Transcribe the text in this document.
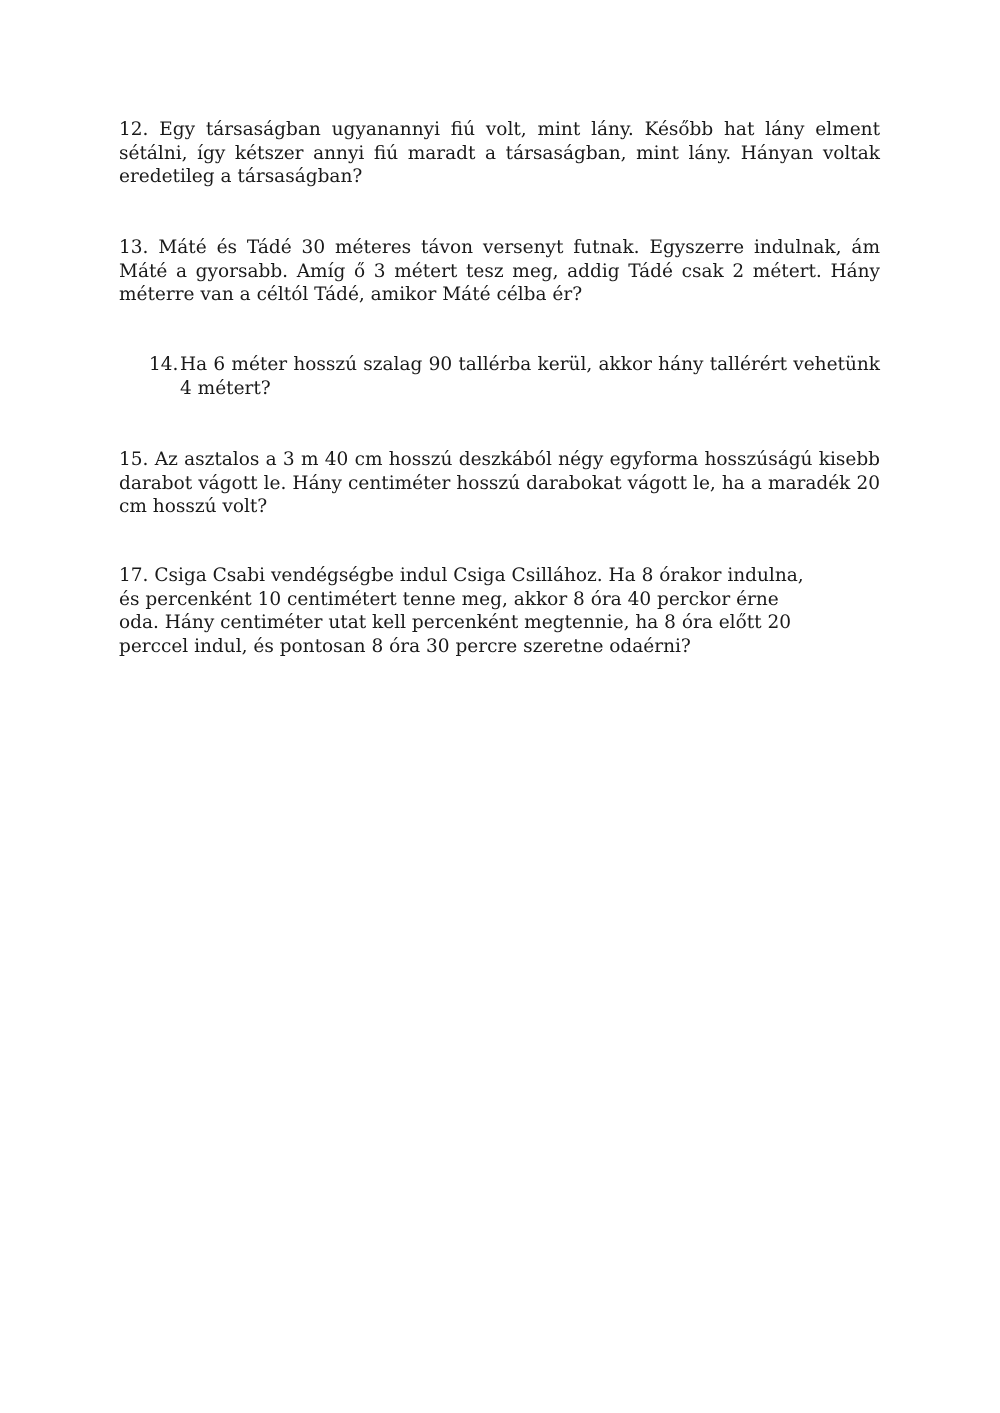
12. Egy társaságban ugyanannyi fiú volt, mint lány. Később hat lány elment sétálni, így kétszer annyi fiú maradt a társaságban, mint lány. Hányan voltak eredetileg a társaságban?

13. Máté és Tádé 30 méteres távon versenyt futnak. Egyszerre indulnak, ám Máté a gyorsabb. Amíg ő 3 métert tesz meg, addig Tádé csak 2 métert. Hány méterre van a céltól Tádé, amikor Máté célba ér?

14. Ha 6 méter hosszú szalag 90 tallérba kerül, akkor hány tallérért vehetünk 4 métert?

15. Az asztalos a 3 m 40 cm hosszú deszkából négy egyforma hosszúságú kisebb darabot vágott le. Hány centiméter hosszú darabokat vágott le, ha a maradék 20 cm hosszú volt?

17. Csiga Csabi vendégségbe indul Csiga Csillához. Ha 8 órakor indulna, és percenként 10 centimétert tenne meg, akkor 8 óra 40 perckor érne oda. Hány centiméter utat kell percenként megtennie, ha 8 óra előtt 20 perccel indul, és pontosan 8 óra 30 percre szeretne odaérni?
